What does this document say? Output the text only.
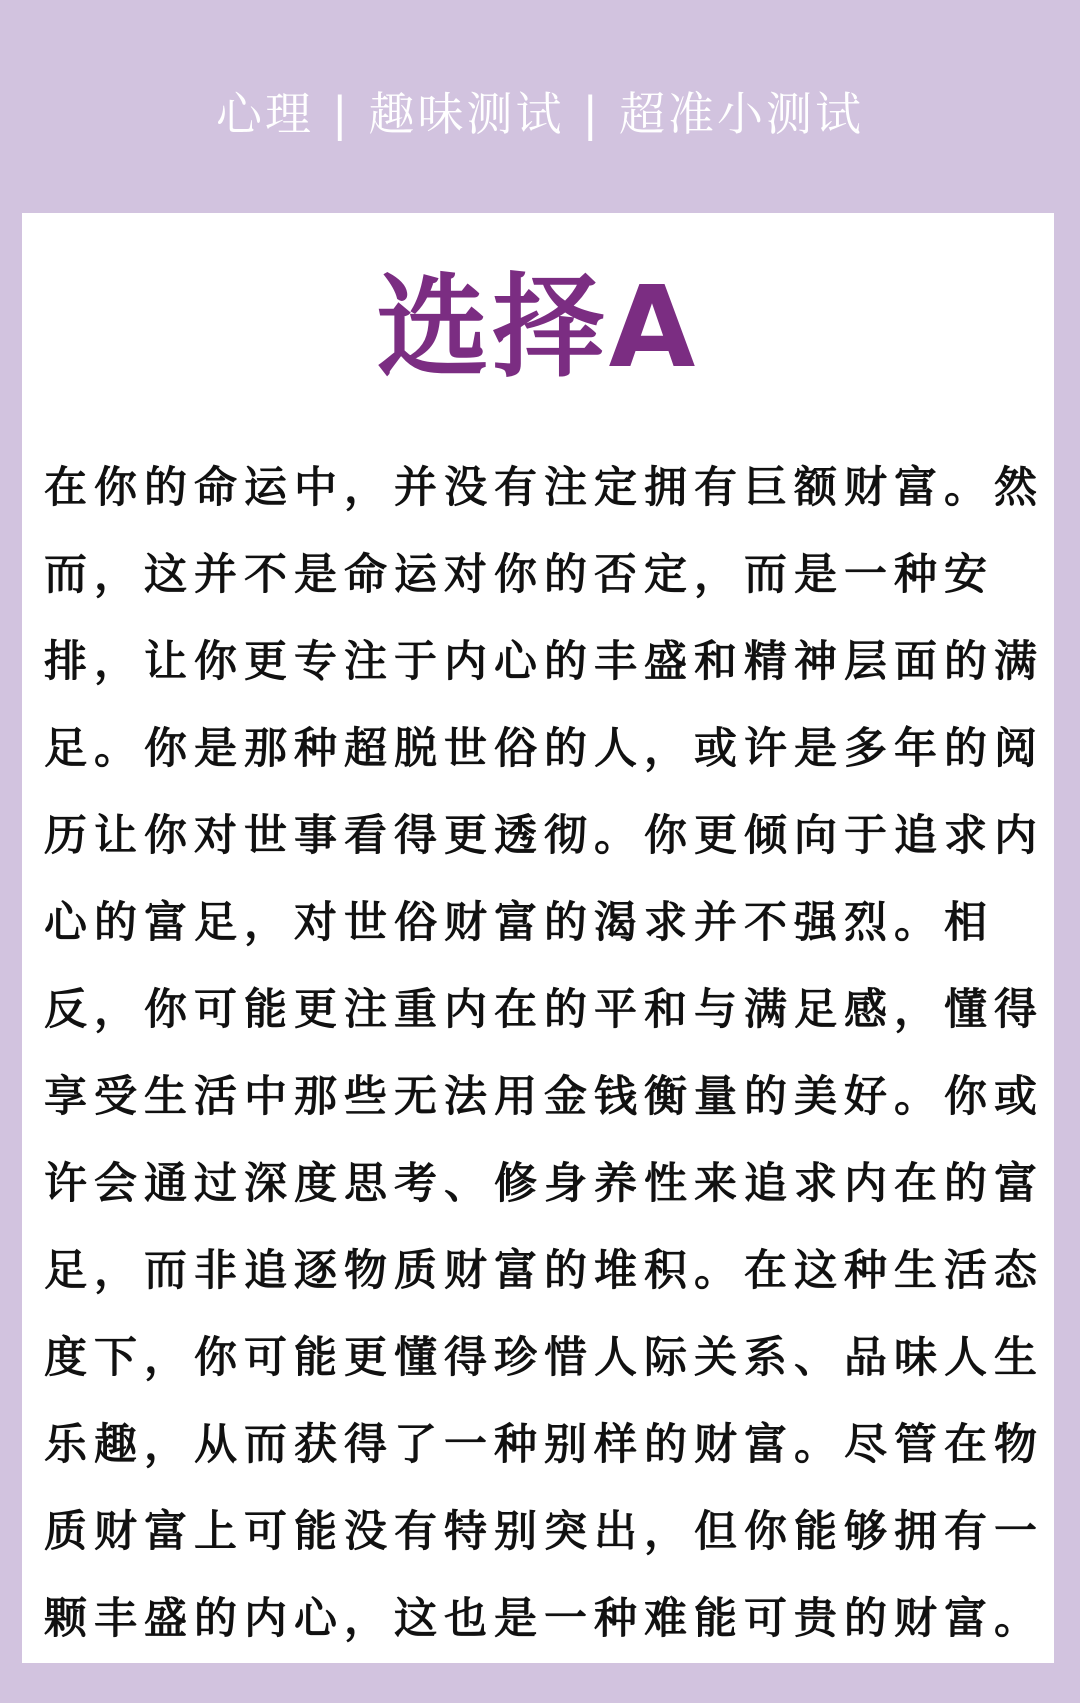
心理 | 趣味测试 | 超准小测试
选择A
在你的命运中，并没有注定拥有巨额财富。然
而，这并不是命运对你的否定，而是一种安
排，让你更专注于内心的丰盛和精神层面的满
足。你是那种超脱世俗的人，或许是多年的阅
历让你对世事看得更透彻。你更倾向于追求内
心的富足，对世俗财富的渴求并不强烈。相
反，你可能更注重内在的平和与满足感，懂得
享受生活中那些无法用金钱衡量的美好。你或
许会通过深度思考、修身养性来追求内在的富
足，而非追逐物质财富的堆积。在这种生活态
度下，你可能更懂得珍惜人际关系、品味人生
乐趣，从而获得了一种别样的财富。尽管在物
质财富上可能没有特别突出，但你能够拥有一
颗丰盛的内心，这也是一种难能可贵的财富。
